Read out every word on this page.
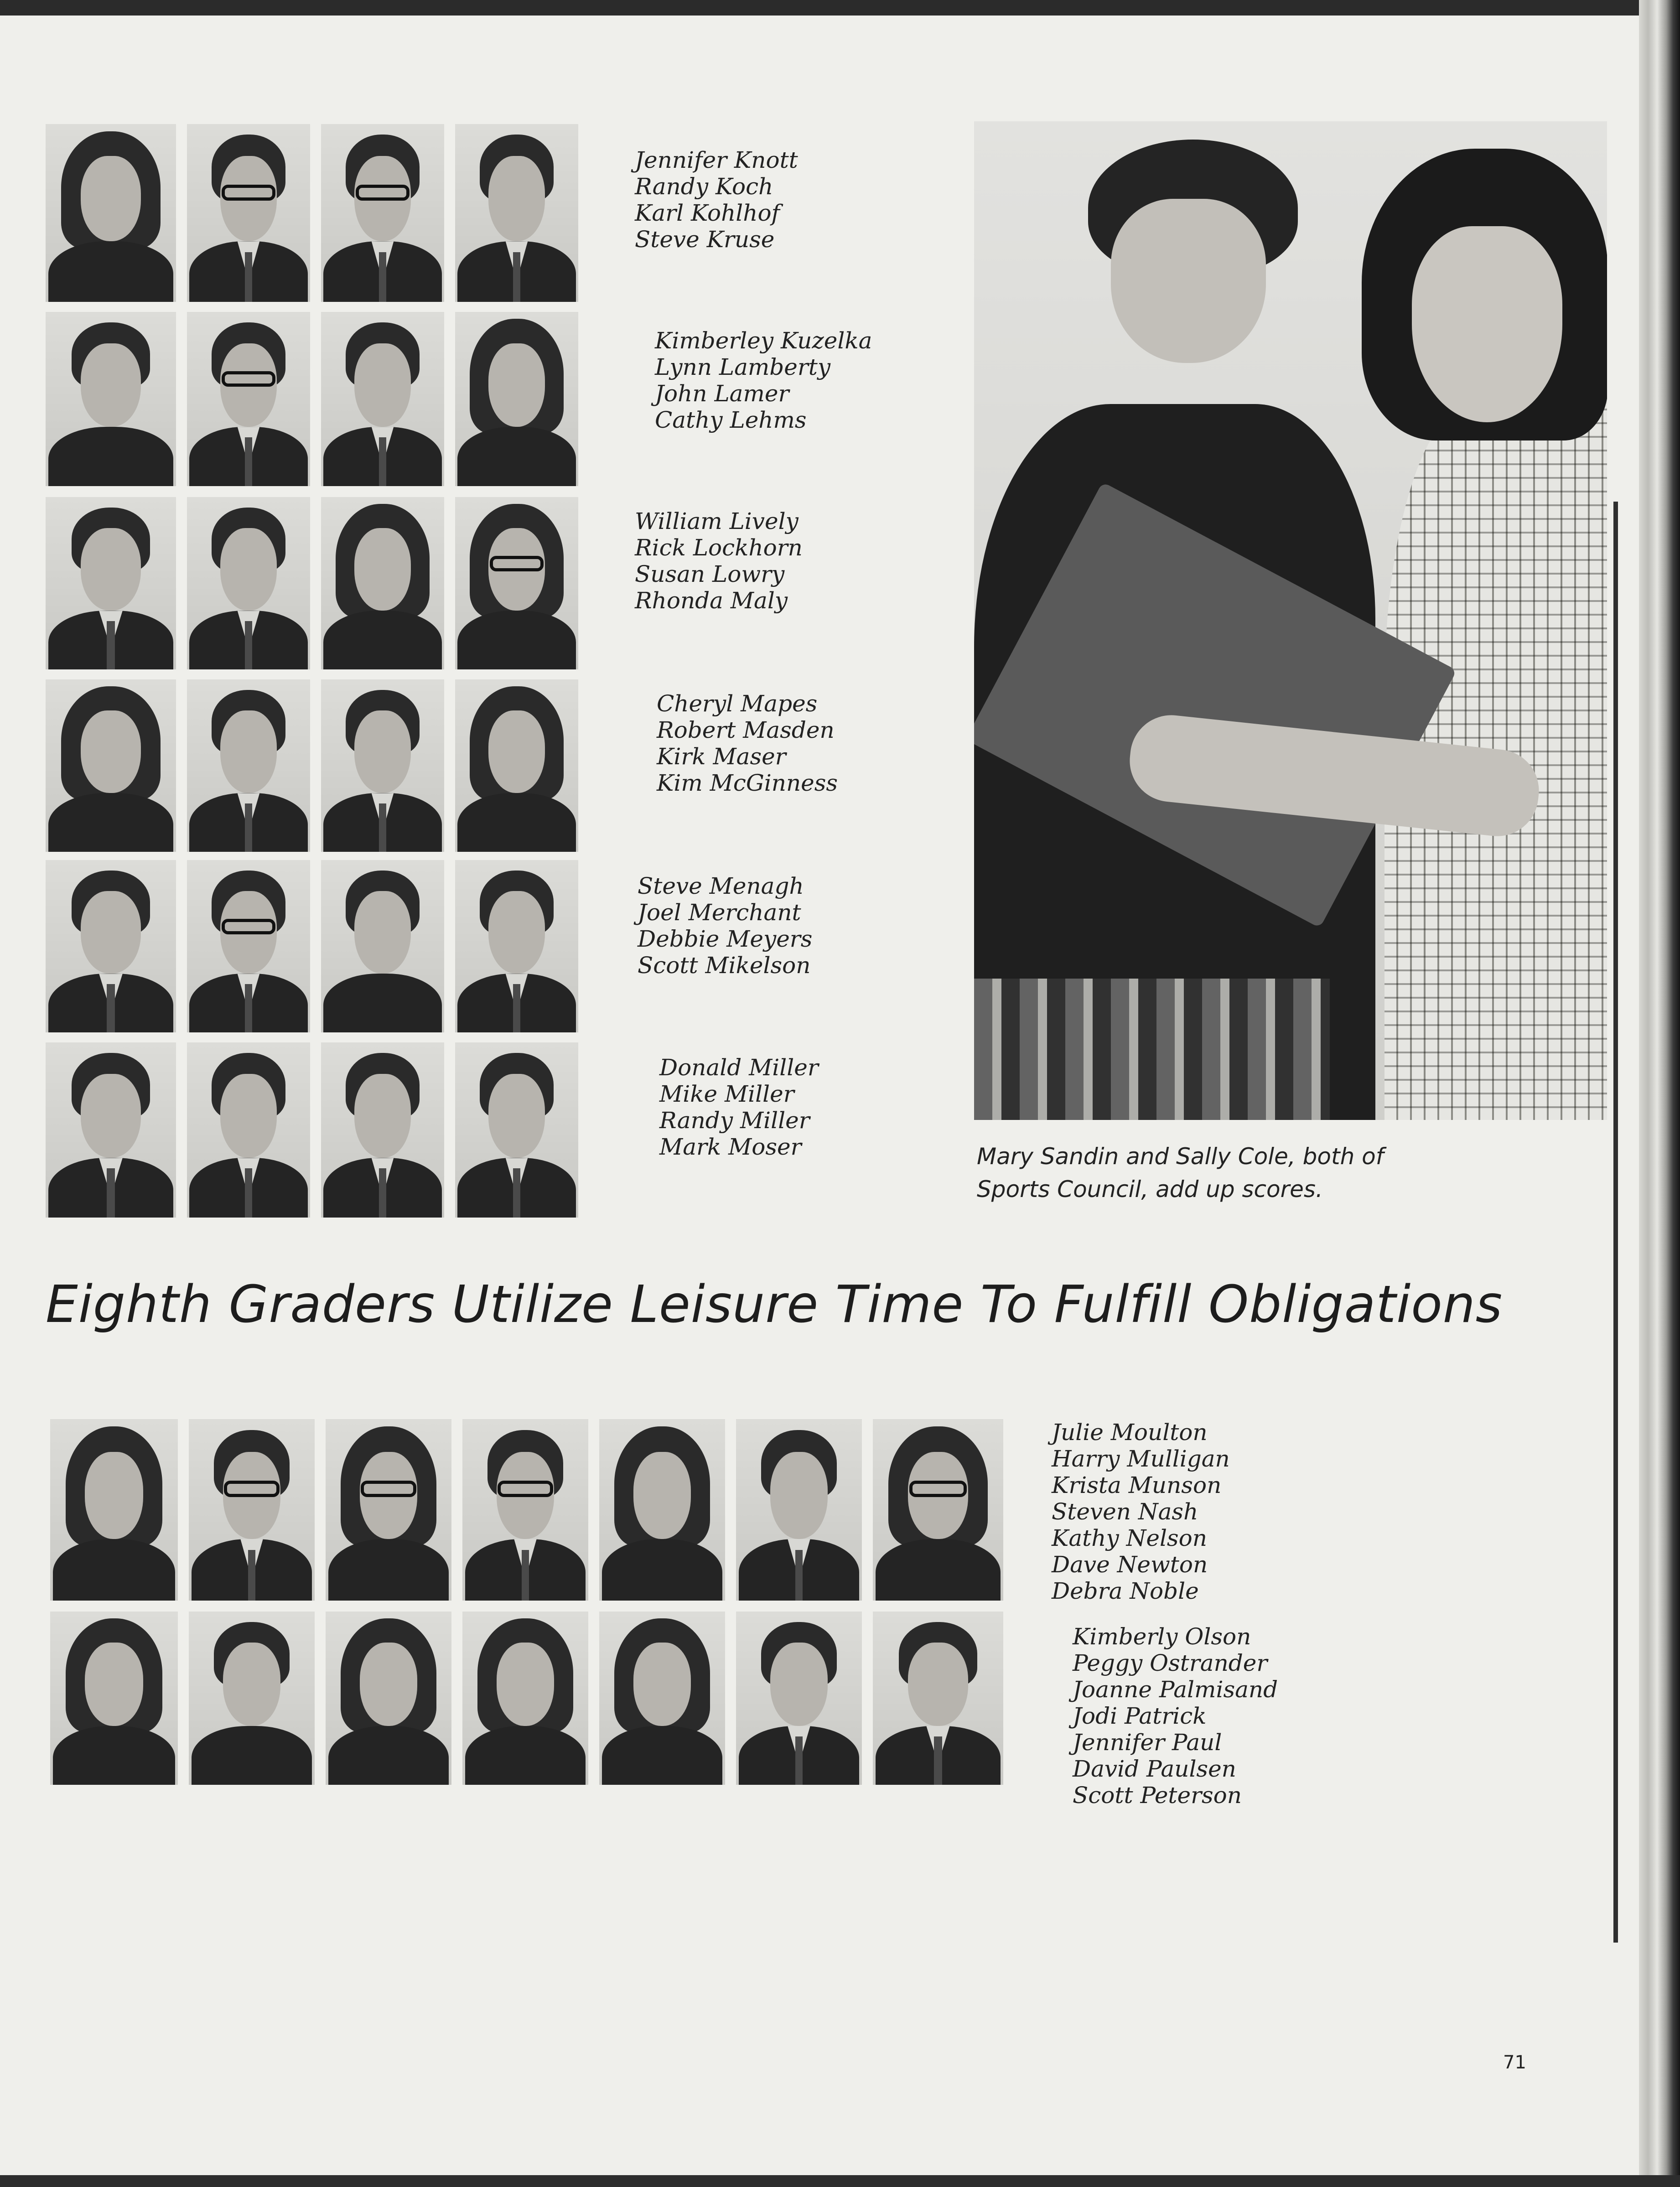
Jennifer Knott
Randy Koch
Karl Kohlhof
Steve Kruse
Kimberley Kuzelka
Lynn Lamberty
John Lamer
Cathy Lehms
William Lively
Rick Lockhorn
Susan Lowry
Rhonda Maly
Cheryl Mapes
Robert Masden
Kirk Maser
Kim McGinness
Steve Menagh
Joel Merchant
Debbie Meyers
Scott Mikelson
Donald Miller
Mike Miller
Randy Miller
Mark Moser	Mary Sandin and Sally Cole, both of
Sports Council, add up scores.
Eighth Graders Utilize Leisure Time To Fulfill Obligations
Julie Moulton
Harry Mulligan
Krista Munson
Steven Nash
Kathy Nelson
Dave Newton
Debra Noble
Kimberly Olson
Peggy Ostrander
Joanne Palmisand
Jodi Patrick
Jennifer Paul
David Paulsen
Scott Peterson
71
